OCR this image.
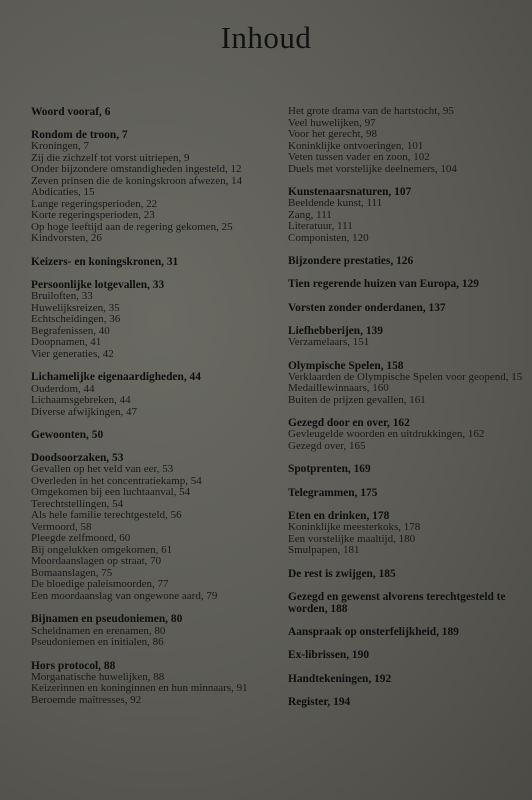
Inhoud
Woord vooraf, 6
Rondom de troon, 7
Kroningen, 7
Zij die zichzelf tot vorst uitriepen, 9
Onder bijzondere omstandigheden ingesteld, 12
Zeven prinsen die de koningskroon afwezen, 14
Abdicaties, 15
Lange regeringsperioden, 22
Korte regeringsperioden, 23
Op hoge leeftijd aan de regering gekomen, 25
Kindvorsten, 26
Keizers- en koningskronen, 31
Persoonlijke lotgevallen, 33
Bruiloften, 33
Huwelijksreizen, 35
Echtscheidingen, 36
Begrafenissen, 40
Doopnamen, 41
Vier generaties, 42
Lichamelijke eigenaardigheden, 44
Ouderdom, 44
Lichaamsgebreken, 44
Diverse afwijkingen, 47
Gewoonten, 50
Doodsoorzaken, 53
Gevallen op het veld van eer, 53
Overleden in het concentratiekamp, 54
Omgekomen bij een luchtaanval, 54
Terechtstellingen, 54
Als hele familie terechtgesteld, 56
Vermoord, 58
Pleegde zelfmoord, 60
Bij ongelukken omgekomen, 61
Moordaanslagen op straat, 70
Bomaanslagen, 75
De bloedige paleismoorden, 77
Een moordaanslag van ongewone aard, 79
Bijnamen en pseudoniemen, 80
Scheldnamen en erenamen, 80
Pseudoniemen en initialen, 86
Hors protocol, 88
Morganatische huwelijken, 88
Keizerinnen en koninginnen en hun minnaars, 91
Beroemde maîtresses, 92
Het grote drama van de hartstocht, 95
Veel huwelijken, 97
Voor het gerecht, 98
Koninklijke ontvoeringen, 101
Veten tussen vader en zoon, 102
Duels met vorstelijke deelnemers, 104
Kunstenaarsnaturen, 107
Beeldende kunst, 111
Zang, 111
Literatuur, 111
Componisten, 120
Bijzondere prestaties, 126
Tien regerende huizen van Europa, 129
Vorsten zonder onderdanen, 137
Liefhebberijen, 139
Verzamelaars, 151
Olympische Spelen, 158
Verklaarden de Olympische Spelen voor geopend, 15
Medaillewinnaars, 160
Buiten de prijzen gevallen, 161
Gezegd door en over, 162
Gevleugelde woorden en uitdrukkingen, 162
Gezegd over, 165
Spotprenten, 169
Telegrammen, 175
Eten en drinken, 178
Koninklijke meesterkoks, 178
Een vorstelijke maaltijd, 180
Smulpapen, 181
De rest is zwijgen, 185
Gezegd en gewenst alvorens terechtgesteld te worden, 188
Aanspraak op onsterfelijkheid, 189
Ex-librissen, 190
Handtekeningen, 192
Register, 194
